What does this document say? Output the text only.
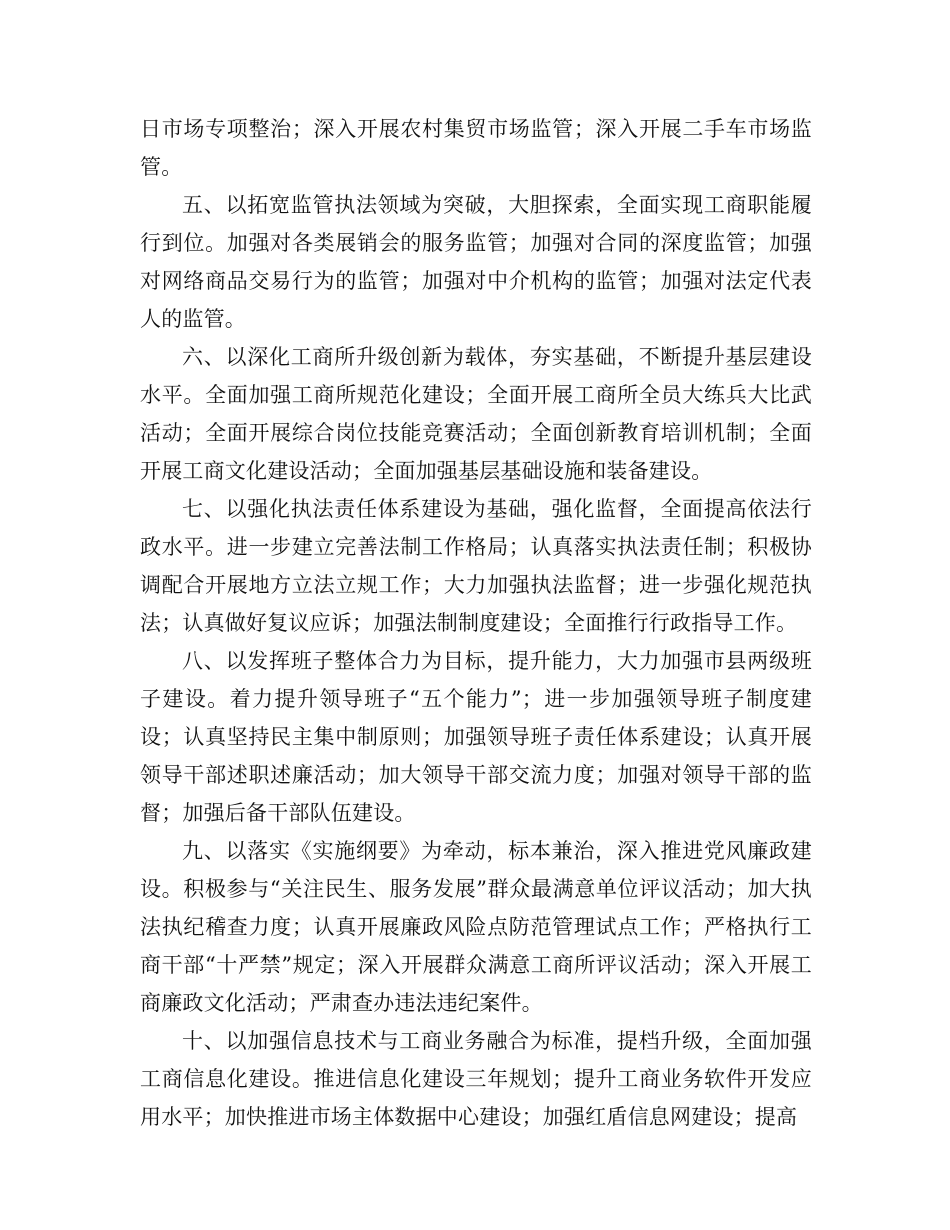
日市场专项整治；深入开展农村集贸市场监管；深入开展二手车市场监管。

五、以拓宽监管执法领域为突破，大胆探索，全面实现工商职能履行到位。加强对各类展销会的服务监管；加强对合同的深度监管；加强对网络商品交易行为的监管；加强对中介机构的监管；加强对法定代表人的监管。

六、以深化工商所升级创新为载体，夯实基础，不断提升基层建设水平。全面加强工商所规范化建设；全面开展工商所全员大练兵大比武活动；全面开展综合岗位技能竞赛活动；全面创新教育培训机制；全面开展工商文化建设活动；全面加强基层基础设施和装备建设。

七、以强化执法责任体系建设为基础，强化监督，全面提高依法行政水平。进一步建立完善法制工作格局；认真落实执法责任制；积极协调配合开展地方立法立规工作；大力加强执法监督；进一步强化规范执法；认真做好复议应诉；加强法制制度建设；全面推行行政指导工作。

八、以发挥班子整体合力为目标，提升能力，大力加强市县两级班子建设。着力提升领导班子“五个能力”；进一步加强领导班子制度建设；认真坚持民主集中制原则；加强领导班子责任体系建设；认真开展领导干部述职述廉活动；加大领导干部交流力度；加强对领导干部的监督；加强后备干部队伍建设。

九、以落实《实施纲要》为牵动，标本兼治，深入推进党风廉政建设。积极参与“关注民生、服务发展”群众最满意单位评议活动；加大执法执纪稽查力度；认真开展廉政风险点防范管理试点工作；严格执行工商干部“十严禁”规定；深入开展群众满意工商所评议活动；深入开展工商廉政文化活动；严肃查办违法违纪案件。

十、以加强信息技术与工商业务融合为标准，提档升级，全面加强工商信息化建设。推进信息化建设三年规划；提升工商业务软件开发应用水平；加快推进市场主体数据中心建设；加强红盾信息网建设；提高
